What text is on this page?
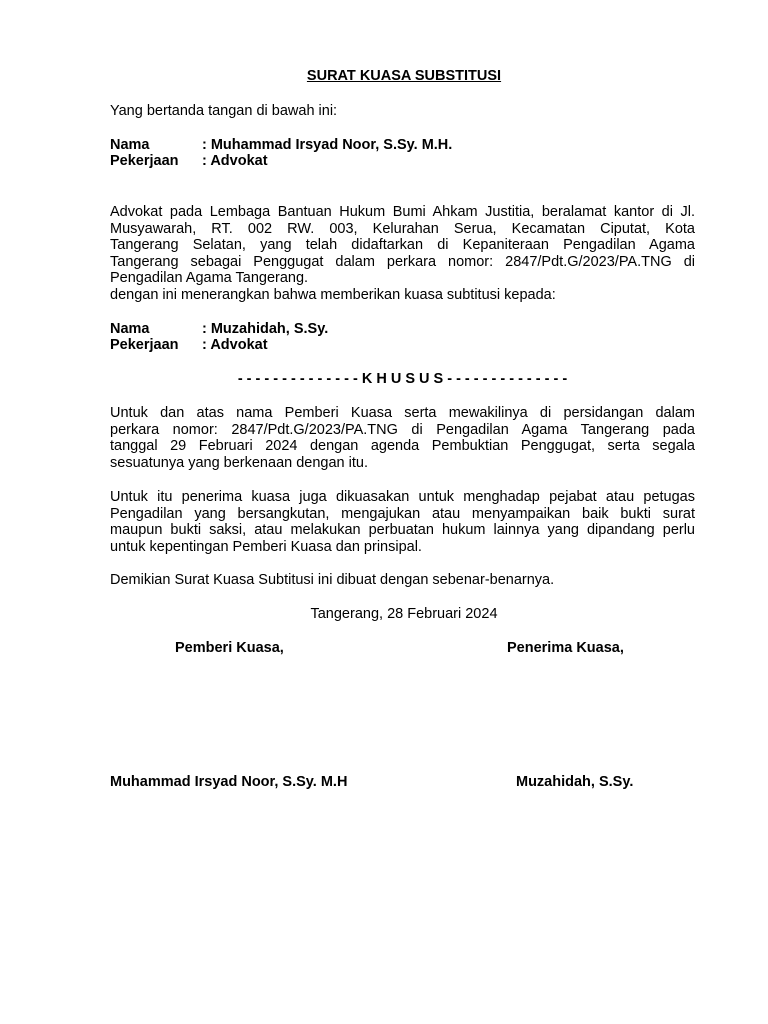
SURAT KUASA SUBSTITUSI
Yang bertanda tangan di bawah ini:
Nama	: Muhammad Irsyad Noor, S.Sy. M.H.
Pekerjaan : Advokat
Advokat pada Lembaga Bantuan Hukum Bumi Ahkam Justitia, beralamat kantor di Jl.
Musyawarah, RT. 002 RW. 003, Kelurahan Serua, Kecamatan Ciputat, Kota
Tangerang Selatan, yang telah didaftarkan di Kepaniteraan Pengadilan Agama
Tangerang sebagai Penggugat dalam perkara nomor: 2847/Pdt.G/2023/PA.TNG di
Pengadilan Agama Tangerang.
dengan ini menerangkan bahwa memberikan kuasa subtitusi kepada:
Nama	: Muzahidah, S.Sy.
Pekerjaan : Advokat
- - - - - - - - - - - - - - K H U S U S - - - - - - - - - - - - - -
Untuk dan atas nama Pemberi Kuasa serta mewakilinya di persidangan dalam
perkara nomor: 2847/Pdt.G/2023/PA.TNG di Pengadilan Agama Tangerang pada
tanggal 29 Februari 2024 dengan agenda Pembuktian Penggugat, serta segala
sesuatunya yang berkenaan dengan itu.
Untuk itu penerima kuasa juga dikuasakan untuk menghadap pejabat atau petugas
Pengadilan yang bersangkutan, mengajukan atau menyampaikan baik bukti surat
maupun bukti saksi, atau melakukan perbuatan hukum lainnya yang dipandang perlu
untuk kepentingan Pemberi Kuasa dan prinsipal.
Demikian Surat Kuasa Subtitusi ini dibuat dengan sebenar-benarnya.
Tangerang, 28 Februari 2024
Pemberi Kuasa,	Penerima Kuasa,
Muhammad Irsyad Noor, S.Sy. M.H	Muzahidah, S.Sy.
